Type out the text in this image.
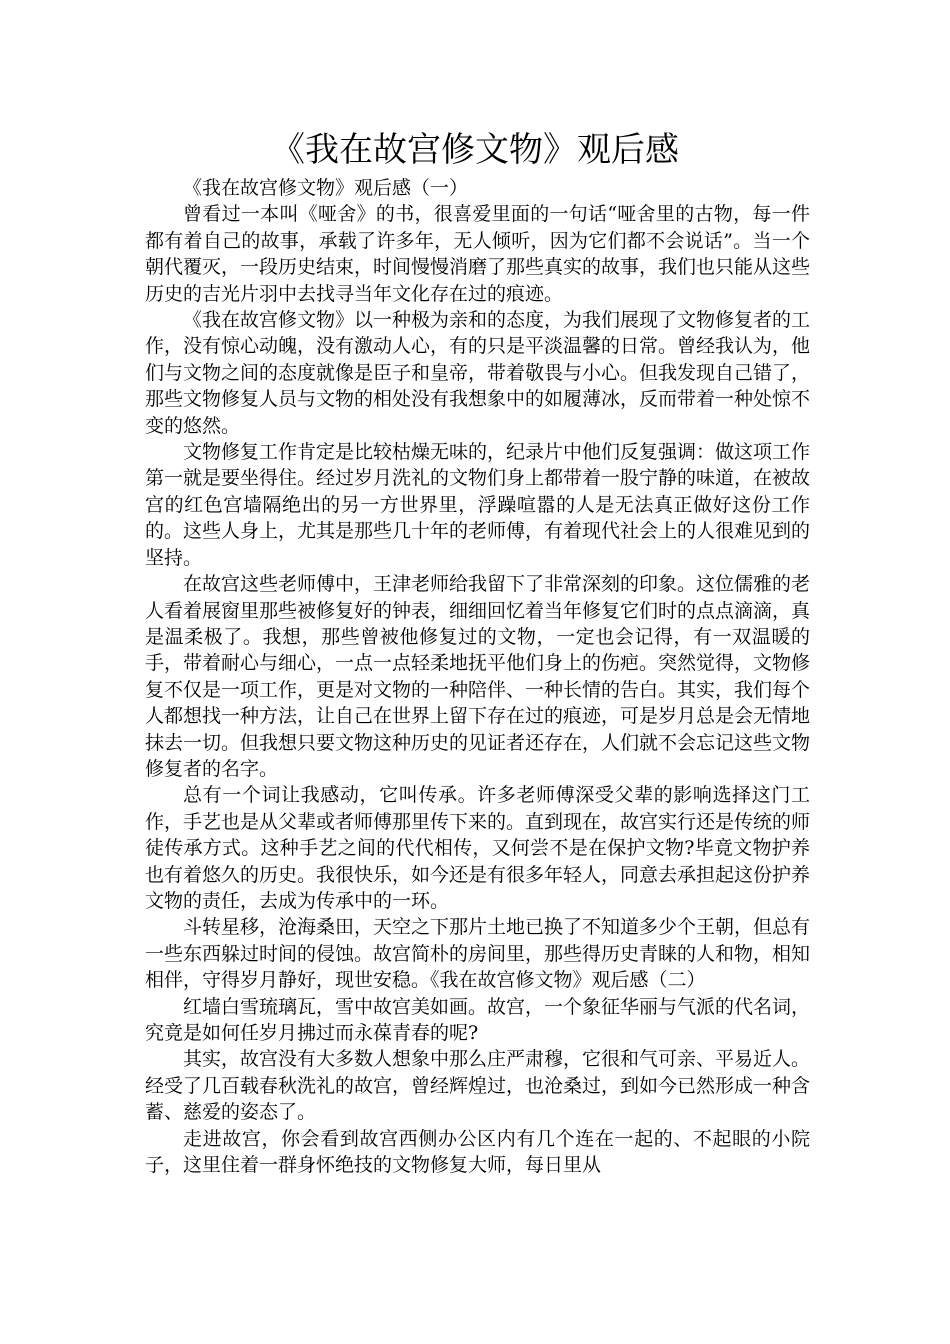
《我在故宫修文物》观后感

《我在故宫修文物》观后感（一）

曾看过一本叫《哑舍》的书，很喜爱里面的一句话“哑舍里的古物，每一件都有着自己的故事，承载了许多年，无人倾听，因为它们都不会说话”。当一个朝代覆灭，一段历史结束，时间慢慢消磨了那些真实的故事，我们也只能从这些历史的吉光片羽中去找寻当年文化存在过的痕迹。

《我在故宫修文物》以一种极为亲和的态度，为我们展现了文物修复者的工作，没有惊心动魄，没有激动人心，有的只是平淡温馨的日常。曾经我认为，他们与文物之间的态度就像是臣子和皇帝，带着敬畏与小心。但我发现自己错了，那些文物修复人员与文物的相处没有我想象中的如履薄冰，反而带着一种处惊不变的悠然。

文物修复工作肯定是比较枯燥无味的，纪录片中他们反复强调：做这项工作第一就是要坐得住。经过岁月洗礼的文物们身上都带着一股宁静的味道，在被故宫的红色宫墙隔绝出的另一方世界里，浮躁喧嚣的人是无法真正做好这份工作的。这些人身上，尤其是那些几十年的老师傅，有着现代社会上的人很难见到的坚持。

在故宫这些老师傅中，王津老师给我留下了非常深刻的印象。这位儒雅的老人看着展窗里那些被修复好的钟表，细细回忆着当年修复它们时的点点滴滴，真是温柔极了。我想，那些曾被他修复过的文物，一定也会记得，有一双温暖的手，带着耐心与细心，一点一点轻柔地抚平他们身上的伤疤。突然觉得，文物修复不仅是一项工作，更是对文物的一种陪伴、一种长情的告白。其实，我们每个人都想找一种方法，让自己在世界上留下存在过的痕迹，可是岁月总是会无情地抹去一切。但我想只要文物这种历史的见证者还存在，人们就不会忘记这些文物修复者的名字。

总有一个词让我感动，它叫传承。许多老师傅深受父辈的影响选择这门工作，手艺也是从父辈或者师傅那里传下来的。直到现在，故宫实行还是传统的师徒传承方式。这种手艺之间的代代相传，又何尝不是在保护文物?毕竟文物护养也有着悠久的历史。我很快乐，如今还是有很多年轻人，同意去承担起这份护养文物的责任，去成为传承中的一环。

斗转星移，沧海桑田，天空之下那片土地已换了不知道多少个王朝，但总有一些东西躲过时间的侵蚀。故宫简朴的房间里，那些得历史青睐的人和物，相知相伴，守得岁月静好，现世安稳。《我在故宫修文物》观后感（二）

红墙白雪琉璃瓦，雪中故宫美如画。故宫，一个象征华丽与气派的代名词，究竟是如何任岁月拂过而永葆青春的呢?

其实，故宫没有大多数人想象中那么庄严肃穆，它很和气可亲、平易近人。经受了几百载春秋洗礼的故宫，曾经辉煌过，也沧桑过，到如今已然形成一种含蓄、慈爱的姿态了。

走进故宫，你会看到故宫西侧办公区内有几个连在一起的、不起眼的小院子，这里住着一群身怀绝技的文物修复大师，每日里从
